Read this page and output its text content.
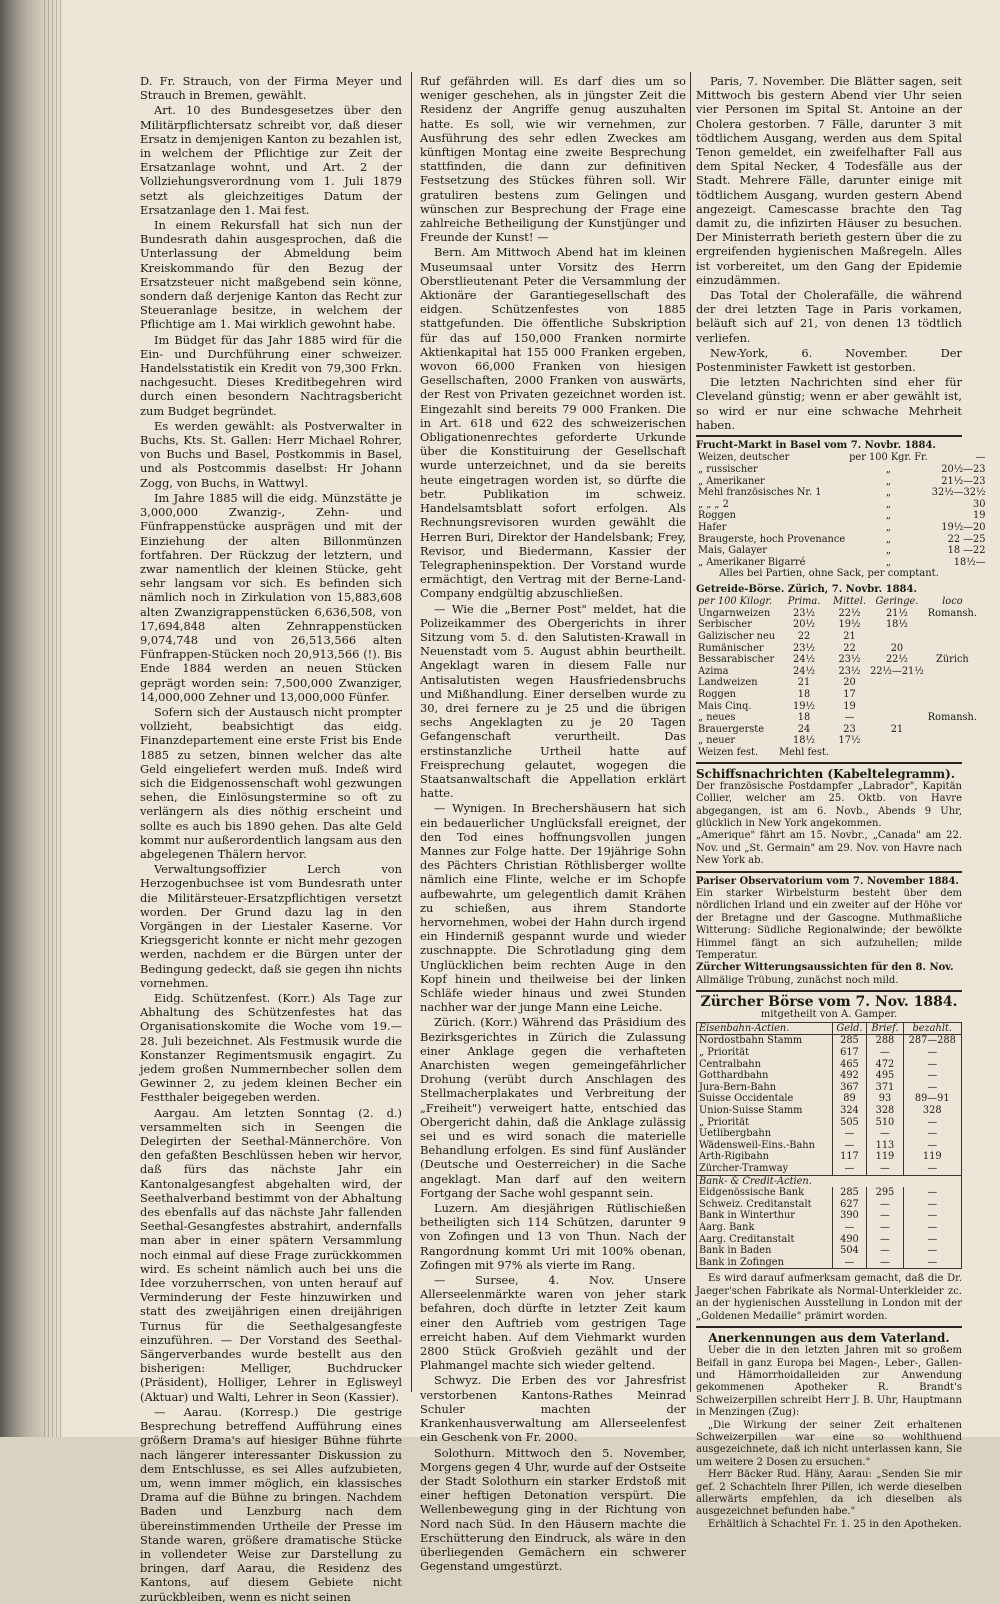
D. Fr. Strauch, von der Firma Meyer und Strauch in Bremen, gewählt.

Art. 10 des Bundesgesetzes über den Militärpflichtersatz schreibt vor, daß dieser Ersatz in demjenigen Kanton zu bezahlen ist, in welchem der Pflichtige zur Zeit der Ersatzanlage wohnt, und Art. 2 der Vollziehungsverordnung vom 1. Juli 1879 setzt als gleichzeitiges Datum der Ersatzanlage den 1. Mai fest.

In einem Rekursfall hat sich nun der Bundesrath dahin ausgesprochen, daß die Unterlassung der Abmeldung beim Kreiskommando für den Bezug der Ersatzsteuer nicht maßgebend sein könne, sondern daß derjenige Kanton das Recht zur Steueranlage besitze, in welchem der Pflichtige am 1. Mai wirklich gewohnt habe.

Im Büdget für das Jahr 1885 wird für die Ein- und Durchführung einer schweizer. Handelsstatistik ein Kredit von 79,300 Frkn. nachgesucht. Dieses Kreditbegehren wird durch einen besondern Nachtragsbericht zum Budget begründet.

Es werden gewählt: als Postverwalter in Buchs, Kts. St. Gallen: Herr Michael Rohrer, von Buchs und Basel, Postkommis in Basel, und als Postcommis daselbst: Hr Johann Zogg, von Buchs, in Wattwyl.

Im Jahre 1885 will die eidg. Münzstätte je 3,000,000 Zwanzig-, Zehn- und Fünfrappenstücke ausprägen und mit der Einziehung der alten Billonmünzen fortfahren. Der Rückzug der letztern, und zwar namentlich der kleinen Stücke, geht sehr langsam vor sich. Es befinden sich nämlich noch in Zirkulation von 15,883,608 alten Zwanzigrappenstücken 6,636,508, von 17,694,848 alten Zehnrappenstücken 9,074,748 und von 26,513,566 alten Fünfrappen-Stücken noch 20,913,566 (!). Bis Ende 1884 werden an neuen Stücken geprägt worden sein: 7,500,000 Zwanziger, 14,000,000 Zehner und 13,000,000 Fünfer.

Sofern sich der Austausch nicht prompter vollzieht, beabsichtigt das eidg. Finanzdepartement eine erste Frist bis Ende 1885 zu setzen, binnen welcher das alte Geld eingeliefert werden muß. Indeß wird sich die Eidgenossenschaft wohl gezwungen sehen, die Einlösungstermine so oft zu verlängern als dies nöthig erscheint und sollte es auch bis 1890 gehen. Das alte Geld kommt nur außerordentlich langsam aus den abgelegenen Thälern hervor.

Verwaltungsoffizier Lerch von Herzogenbuchsee ist vom Bundesrath unter die Militärsteuer-Ersatzpflichtigen versetzt worden. Der Grund dazu lag in den Vorgängen in der Liestaler Kaserne. Vor Kriegsgericht konnte er nicht mehr gezogen werden, nachdem er die Bürgen unter der Bedingung gedeckt, daß sie gegen ihn nichts vornehmen.

Eidg. Schützenfest. (Korr.) Als Tage zur Abhaltung des Schützenfestes hat das Organisationskomite die Woche vom 19.—28. Juli bezeichnet. Als Festmusik wurde die Konstanzer Regimentsmusik engagirt. Zu jedem großen Nummernbecher sollen dem Gewinner 2, zu jedem kleinen Becher ein Festthaler beigegeben werden.

Aargau. Am letzten Sonntag (2. d.) versammelten sich in Seengen die Delegirten der Seethal-Männerchöre. Von den gefaßten Beschlüssen heben wir hervor, daß fürs das nächste Jahr ein Kantonalgesangfest abgehalten wird, der Seethalverband bestimmt von der Abhaltung des ebenfalls auf das nächste Jahr fallenden Seethal-Gesangfestes abstrahirt, andernfalls man aber in einer spätern Versammlung noch einmal auf diese Frage zurückkommen wird. Es scheint nämlich auch bei uns die Idee vorzuherrschen, von unten herauf auf Verminderung der Feste hinzuwirken und statt des zweijährigen einen dreijährigen Turnus für die Seethalgesangfeste einzuführen. — Der Vorstand des Seethal-Sängerverbandes wurde bestellt aus den bisherigen: Melliger, Buchdrucker (Präsident), Holliger, Lehrer in Eglisweyl (Aktuar) und Walti, Lehrer in Seon (Kassier).

— Aarau. (Korresp.) Die gestrige Besprechung betreffend Aufführung eines größern Drama's auf hiesiger Bühne führte nach längerer interessanter Diskussion zu dem Entschlusse, es sei Alles aufzubieten, um, wenn immer möglich, ein klassisches Drama auf die Bühne zu bringen. Nachdem Baden und Lenzburg nach dem übereinstimmenden Urtheile der Presse im Stande waren, größere dramatische Stücke in vollendeter Weise zur Darstellung zu bringen, darf Aarau, die Residenz des Kantons, auf diesem Gebiete nicht zurückbleiben, wenn es nicht seinen

Ruf gefährden will. Es darf dies um so weniger geschehen, als in jüngster Zeit die Residenz der Angriffe genug auszuhalten hatte. Es soll, wie wir vernehmen, zur Ausführung des sehr edlen Zweckes am künftigen Montag eine zweite Besprechung stattfinden, die dann zur definitiven Festsetzung des Stückes führen soll. Wir gratuliren bestens zum Gelingen und wünschen zur Besprechung der Frage eine zahlreiche Betheiligung der Kunstjünger und Freunde der Kunst! —

Bern. Am Mittwoch Abend hat im kleinen Museumsaal unter Vorsitz des Herrn Oberstlieutenant Peter die Versammlung der Aktionäre der Garantiegesellschaft des eidgen. Schützenfestes von 1885 stattgefunden. Die öffentliche Subskription für das auf 150,000 Franken normirte Aktienkapital hat 155 000 Franken ergeben, wovon 66,000 Franken von hiesigen Gesellschaften, 2000 Franken von auswärts, der Rest von Privaten gezeichnet worden ist. Eingezahlt sind bereits 79 000 Franken. Die in Art. 618 und 622 des schweizerischen Obligationenrechtes geforderte Urkunde über die Konstituirung der Gesellschaft wurde unterzeichnet, und da sie bereits heute eingetragen worden ist, so dürfte die betr. Publikation im schweiz. Handelsamtsblatt sofort erfolgen. Als Rechnungsrevisoren wurden gewählt die Herren Buri, Direktor der Handelsbank; Frey, Revisor, und Biedermann, Kassier der Telegrapheninspektion. Der Vorstand wurde ermächtigt, den Vertrag mit der Berne-Land-Company endgültig abzuschließen.

— Wie die „Berner Post" meldet, hat die Polizeikammer des Obergerichts in ihrer Sitzung vom 5. d. den Salutisten-Krawall in Neuenstadt vom 5. August abhin beurtheilt. Angeklagt waren in diesem Falle nur Antisalutisten wegen Hausfriedensbruchs und Mißhandlung. Einer derselben wurde zu 30, drei fernere zu je 25 und die übrigen sechs Angeklagten zu je 20 Tagen Gefangenschaft verurtheilt. Das erstinstanzliche Urtheil hatte auf Freisprechung gelautet, wogegen die Staatsanwaltschaft die Appellation erklärt hatte.

— Wynigen. In Brechershäusern hat sich ein bedauerlicher Unglücksfall ereignet, der den Tod eines hoffnungsvollen jungen Mannes zur Folge hatte. Der 19jährige Sohn des Pächters Christian Röthlisberger wollte nämlich eine Flinte, welche er im Schopfe aufbewahrte, um gelegentlich damit Krähen zu schießen, aus ihrem Standorte hervornehmen, wobei der Hahn durch irgend ein Hinderniß gespannt wurde und wieder zuschnappte. Die Schrotladung ging dem Unglücklichen beim rechten Auge in den Kopf hinein und theilweise bei der linken Schläfe wieder hinaus und zwei Stunden nachher war der junge Mann eine Leiche.

Zürich. (Korr.) Während das Präsidium des Bezirksgerichtes in Zürich die Zulassung einer Anklage gegen die verhafteten Anarchisten wegen gemeingefährlicher Drohung (verübt durch Anschlagen des Stellmacherplakates und Verbreitung der „Freiheit") verweigert hatte, entschied das Obergericht dahin, daß die Anklage zulässig sei und es wird sonach die materielle Behandlung erfolgen. Es sind fünf Ausländer (Deutsche und Oesterreicher) in die Sache angeklagt. Man darf auf den weitern Fortgang der Sache wohl gespannt sein.

Luzern. Am diesjährigen Rütlischießen betheiligten sich 114 Schützen, darunter 9 von Zofingen und 13 von Thun. Nach der Rangordnung kommt Uri mit 100% obenan, Zofingen mit 97% als vierte im Rang.

— Sursee, 4. Nov. Unsere Allerseelenmärkte waren von jeher stark befahren, doch dürfte in letzter Zeit kaum einer den Auftrieb vom gestrigen Tage erreicht haben. Auf dem Viehmarkt wurden 2800 Stück Großvieh gezählt und der Plahmangel machte sich wieder geltend.

Schwyz. Die Erben des vor Jahresfrist verstorbenen Kantons-Rathes Meinrad Schuler machten der Krankenhausverwaltung am Allerseelenfest ein Geschenk von Fr. 2000.

Solothurn. Mittwoch den 5. November, Morgens gegen 4 Uhr, wurde auf der Ostseite der Stadt Solothurn ein starker Erdstoß mit einer heftigen Detonation verspürt. Die Wellenbewegung ging in der Richtung von Nord nach Süd. In den Häusern machte die Erschütterung den Eindruck, als wäre in den überliegenden Gemächern ein schwerer Gegenstand umgestürzt.

Paris, 7. November. Die Blätter sagen, seit Mittwoch bis gestern Abend vier Uhr seien vier Personen im Spital St. Antoine an der Cholera gestorben. 7 Fälle, darunter 3 mit tödtlichem Ausgang, werden aus dem Spital Tenon gemeldet, ein zweifelhafter Fall aus dem Spital Necker, 4 Todesfälle aus der Stadt. Mehrere Fälle, darunter einige mit tödtlichem Ausgang, wurden gestern Abend angezeigt. Camescasse brachte den Tag damit zu, die infizirten Häuser zu besuchen. Der Ministerrath berieth gestern über die zu ergreifenden hygienischen Maßregeln. Alles ist vorbereitet, um den Gang der Epidemie einzudämmen.

Das Total der Cholerafälle, die während der drei letzten Tage in Paris vorkamen, beläuft sich auf 21, von denen 13 tödtlich verliefen.

New-York, 6. November. Der Postenminister Fawkett ist gestorben.

Die letzten Nachrichten sind eher für Cleveland günstig; wenn er aber gewählt ist, so wird er nur eine schwache Mehrheit haben.

Frucht-Markt in Basel vom 7. Novbr. 1884.
Weizen, deutscher	per 100 Kgr. Fr.	—
„ russischer	„	20½—23
„ Amerikaner	„	21½—23
Mehl französisches Nr. 1	„	32½—32½
„ „ „ 2	„	30
Roggen	„	19
Hafer	„	19½—20
Braugerste, hoch Provenance	„	22 —25
Mais, Galayer	„	18 —22
„ Amerikaner Bigarré	„	18½—
Alles bei Partien, ohne Sack, per comptant.
Getreide-Börse. Zürich, 7. Novbr. 1884.
per 100 Kilogr.	Prima.	Mittel.	Geringe.	loco
Ungarnweizen	23½	22½	21½	Romansh.
Serbischer	20½	19½	18½	
Galizischer neu	22	21		
Rumänischer	23½	22	20	
Bessarabischer	24½	23½	22½	Zürich
Azima	24½	23½	22½—21½	
Landweizen	21	20		
Roggen	18	17		
Mais Cinq.	19½	19		
„ neues	18	—		Romansh.
Brauergerste	24	23	21	
„ neuer	18½	17½		
Weizen fest.	Mehl fest.			
Schiffsnachrichten (Kabeltelegramm).
Der französische Postdampfer „Labrador", Kapitän Collier, welcher am 25. Oktb. von Havre abgegangen, ist am 6. Novb., Abends 9 Uhr, glücklich in New York angekommen.
„Amerique" fährt am 15. Novbr., „Canada" am 22. Nov. und „St. Germain" am 29. Nov. von Havre nach New York ab.
Pariser Observatorium vom 7. November 1884.
Ein starker Wirbelsturm besteht über dem nördlichen Irland und ein zweiter auf der Höhe vor der Bretagne und der Gascogne. Muthmaßliche Witterung: Südliche Regionalwinde; der bewölkte Himmel fängt an sich aufzuhellen; milde Temperatur.
Zürcher Witterungsaussichten für den 8. Nov.
Allmälige Trübung, zunächst noch mild.
Zürcher Börse vom 7. Nov. 1884.
mitgetheilt von A. Gamper.
Eisenbahn-Actien.	Geld.	Brief.	bezahlt.
Nordostbahn Stamm	285	288	287—288
„ Priorität	617	—	—
Centralbahn	465	472	—
Gotthardbahn	492	495	—
Jura-Bern-Bahn	367	371	—
Suisse Occidentale	89	93	89—91
Union-Suisse Stamm	324	328	328
„ Priorität	505	510	—
Uetlibergbahn	—	—	—
Wädensweil-Eins.-Bahn	—	113	—
Arth-Rigibahn	117	119	119
Zürcher-Tramway	—	—	—
Bank- & Credit-Actien.			
Eidgenössische Bank	285	295	—
Schweiz. Creditanstalt	627	—	—
Bank in Winterthur	390	—	—
Aarg. Bank	—	—	—
Aarg. Creditanstalt	490	—	—
Bank in Baden	504	—	—
Bank in Zofingen	—	—	—
Es wird darauf aufmerksam gemacht, daß die Dr. Jaeger'schen Fabrikate als Normal-Unterkleider zc. an der hygienischen Ausstellung in London mit der „Goldenen Medaille" prämirt worden.
Anerkennungen aus dem Vaterland.
Ueber die in den letzten Jahren mit so großem Beifall in ganz Europa bei Magen-, Leber-, Gallen- und Hämorrhoidalleiden zur Anwendung gekommenen Apotheker R. Brandt's Schweizerpillen schreibt Herr J. B. Uhr, Hauptmann in Menzingen (Zug):
„Die Wirkung der seiner Zeit erhaltenen Schweizerpillen war eine so wohlthuend ausgezeichnete, daß ich nicht unterlassen kann, Sie um weitere 2 Dosen zu ersuchen."
Herr Bäcker Rud. Häny, Aarau: „Senden Sie mir gef. 2 Schachteln Ihrer Pillen, ich werde dieselben allerwärts empfehlen, da ich dieselben als ausgezeichnet befunden habe."
Erhältlich à Schachtel Fr. 1. 25 in den Apotheken.
